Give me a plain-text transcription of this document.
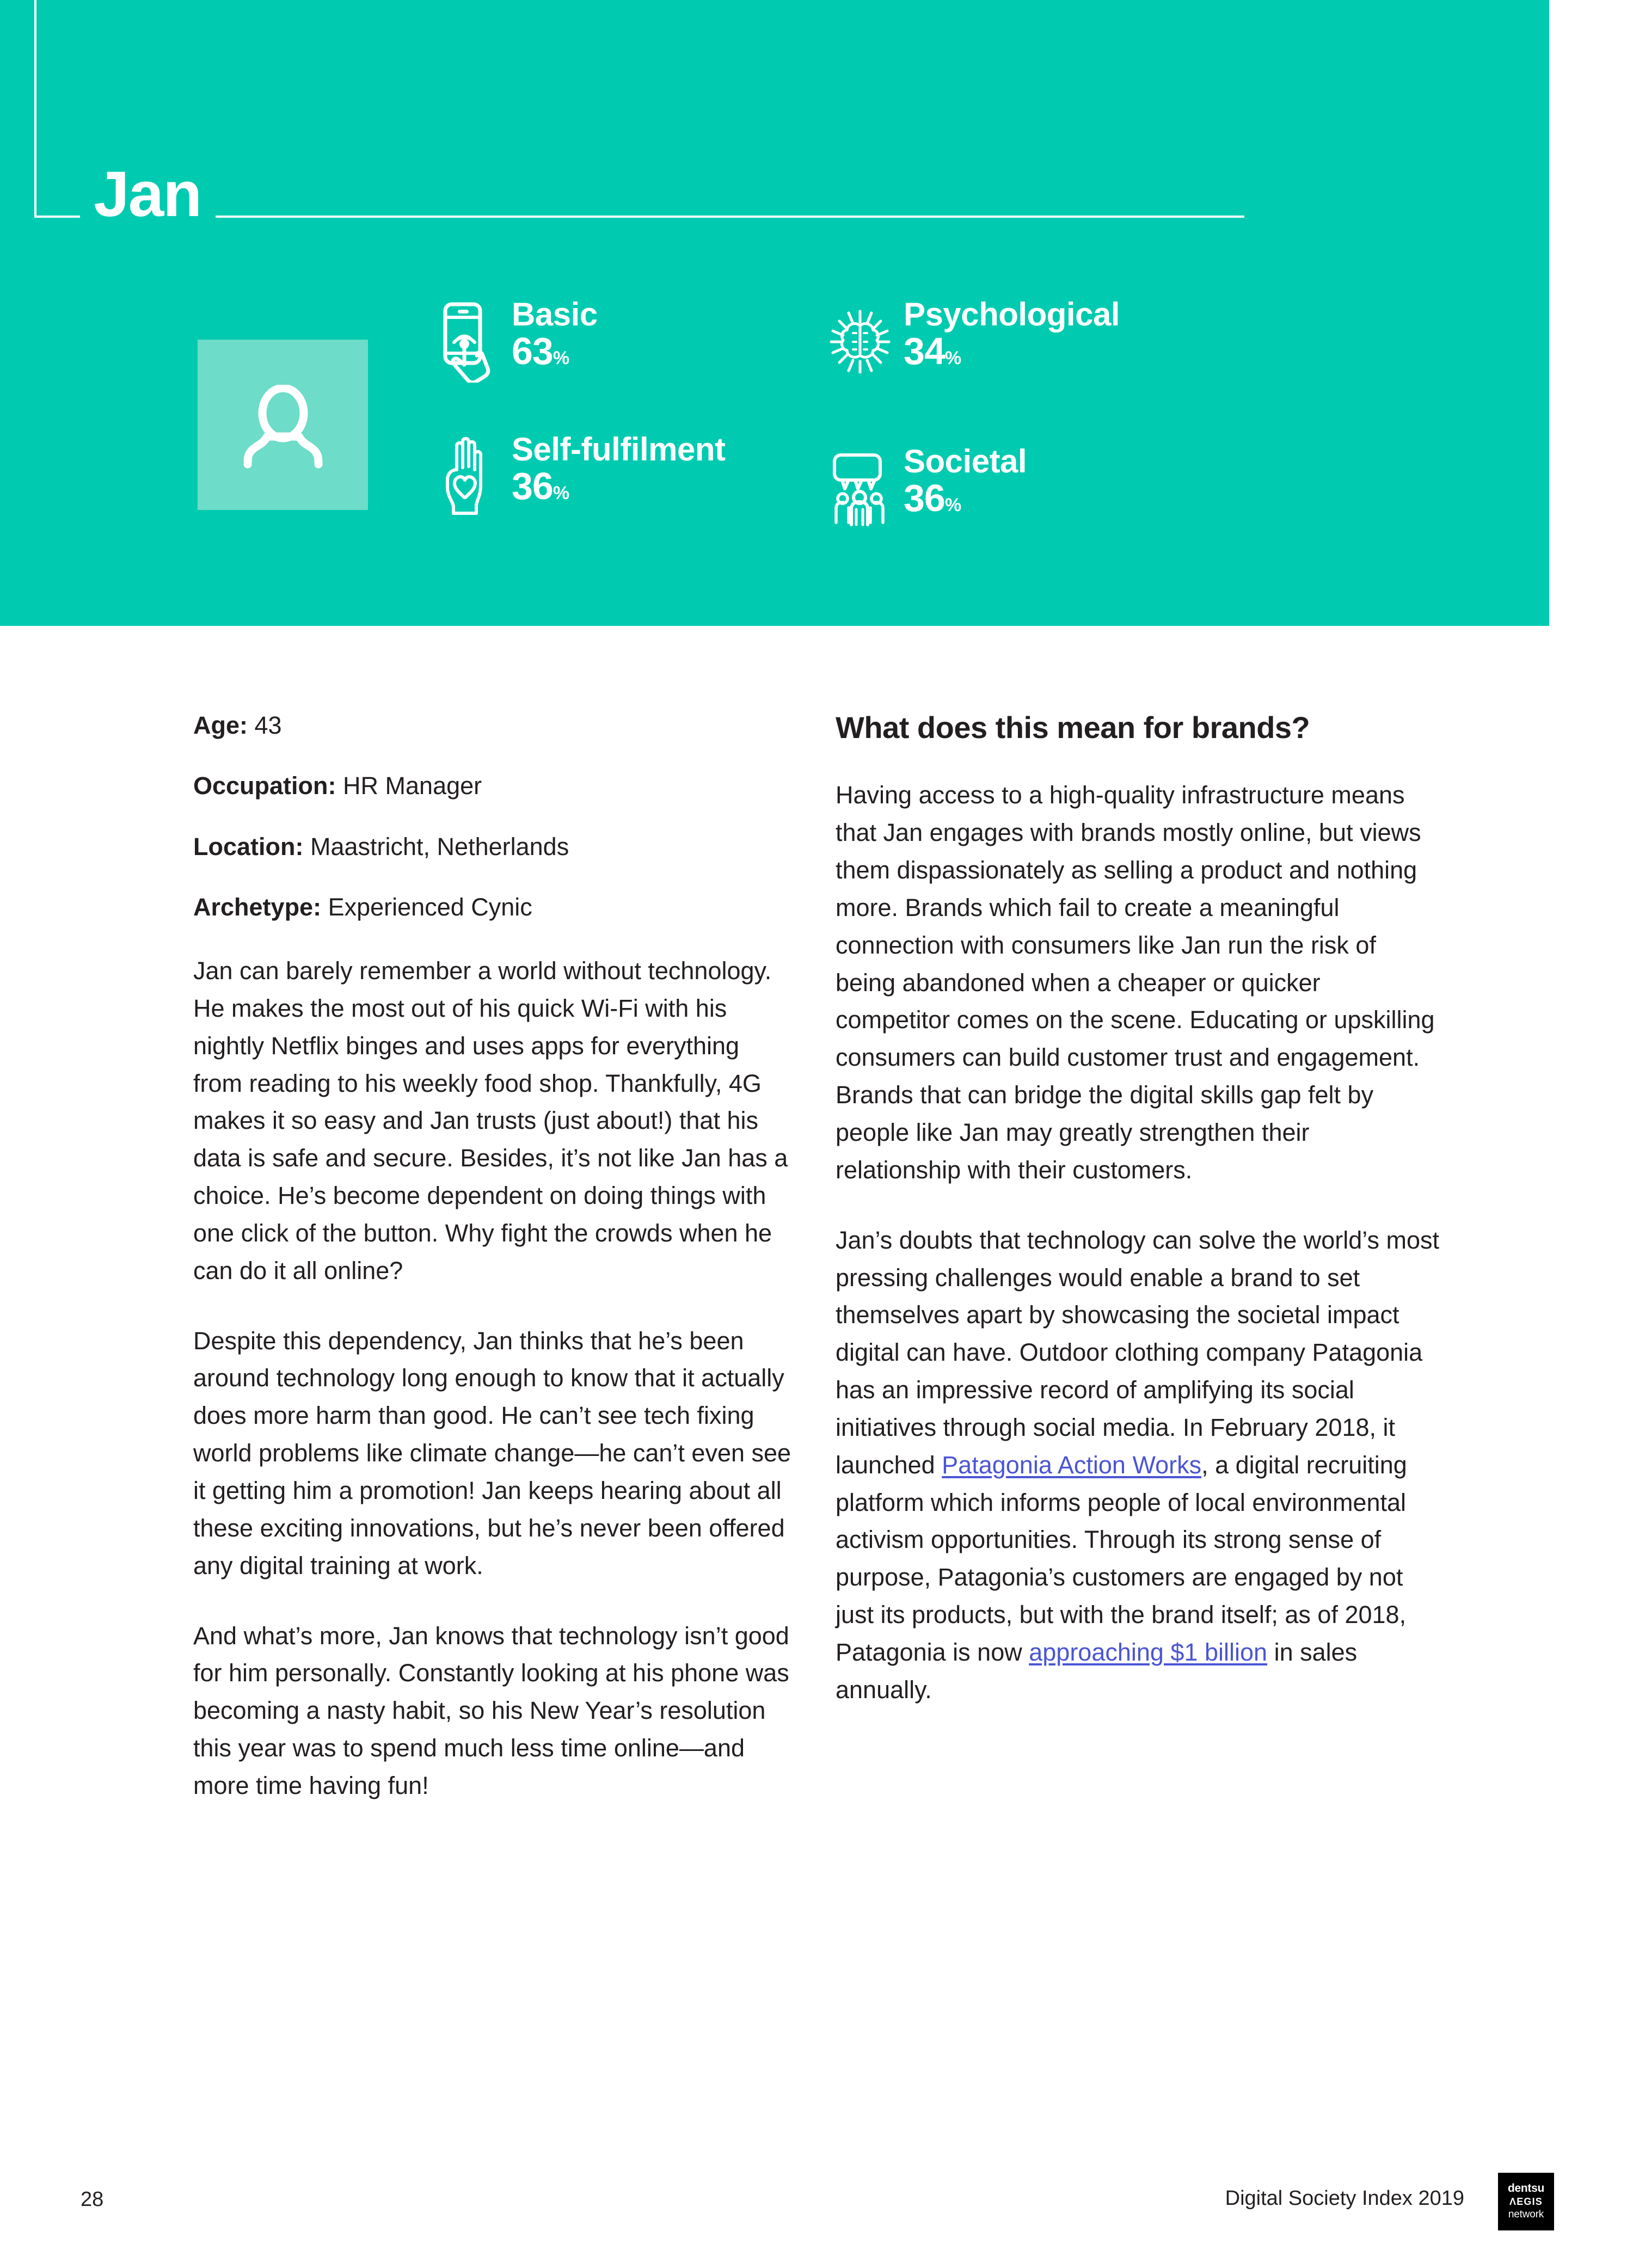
Jan
Basic
63%
Psychological
34%
Self-fulfilment
36%
Societal
36%

Age: 43

Occupation: HR Manager

Location: Maastricht, Netherlands

Archetype: Experienced Cynic

Jan can barely remember a world without technology. He makes the most out of his quick Wi-Fi with his nightly Netflix binges and uses apps for everything from reading to his weekly food shop. Thankfully, 4G makes it so easy and Jan trusts (just about!) that his data is safe and secure. Besides, it’s not like Jan has a choice. He’s become dependent on doing things with one click of the button. Why fight the crowds when he can do it all online?

Despite this dependency, Jan thinks that he’s been around technology long enough to know that it actually does more harm than good. He can’t see tech fixing world problems like climate change—he can’t even see it getting him a promotion! Jan keeps hearing about all these exciting innovations, but he’s never been offered any digital training at work.

And what’s more, Jan knows that technology isn’t good for him personally. Constantly looking at his phone was becoming a nasty habit, so his New Year’s resolution this year was to spend much less time online—and more time having fun!

What does this mean for brands?

Having access to a high-quality infrastructure means that Jan engages with brands mostly online, but views them dispassionately as selling a product and nothing more. Brands which fail to create a meaningful connection with consumers like Jan run the risk of being abandoned when a cheaper or quicker competitor comes on the scene. Educating or upskilling consumers can build customer trust and engagement. Brands that can bridge the digital skills gap felt by people like Jan may greatly strengthen their relationship with their customers.

Jan’s doubts that technology can solve the world’s most pressing challenges would enable a brand to set themselves apart by showcasing the societal impact digital can have. Outdoor clothing company Patagonia has an impressive record of amplifying its social initiatives through social media. In February 2018, it launched Patagonia Action Works, a digital recruiting platform which informs people of local environmental activism opportunities. Through its strong sense of purpose, Patagonia’s customers are engaged by not just its products, but with the brand itself; as of 2018, Patagonia is now approaching $1 billion in sales annually.

28	Digital Society Index 2019	dentsu
ΛEGIS
network
